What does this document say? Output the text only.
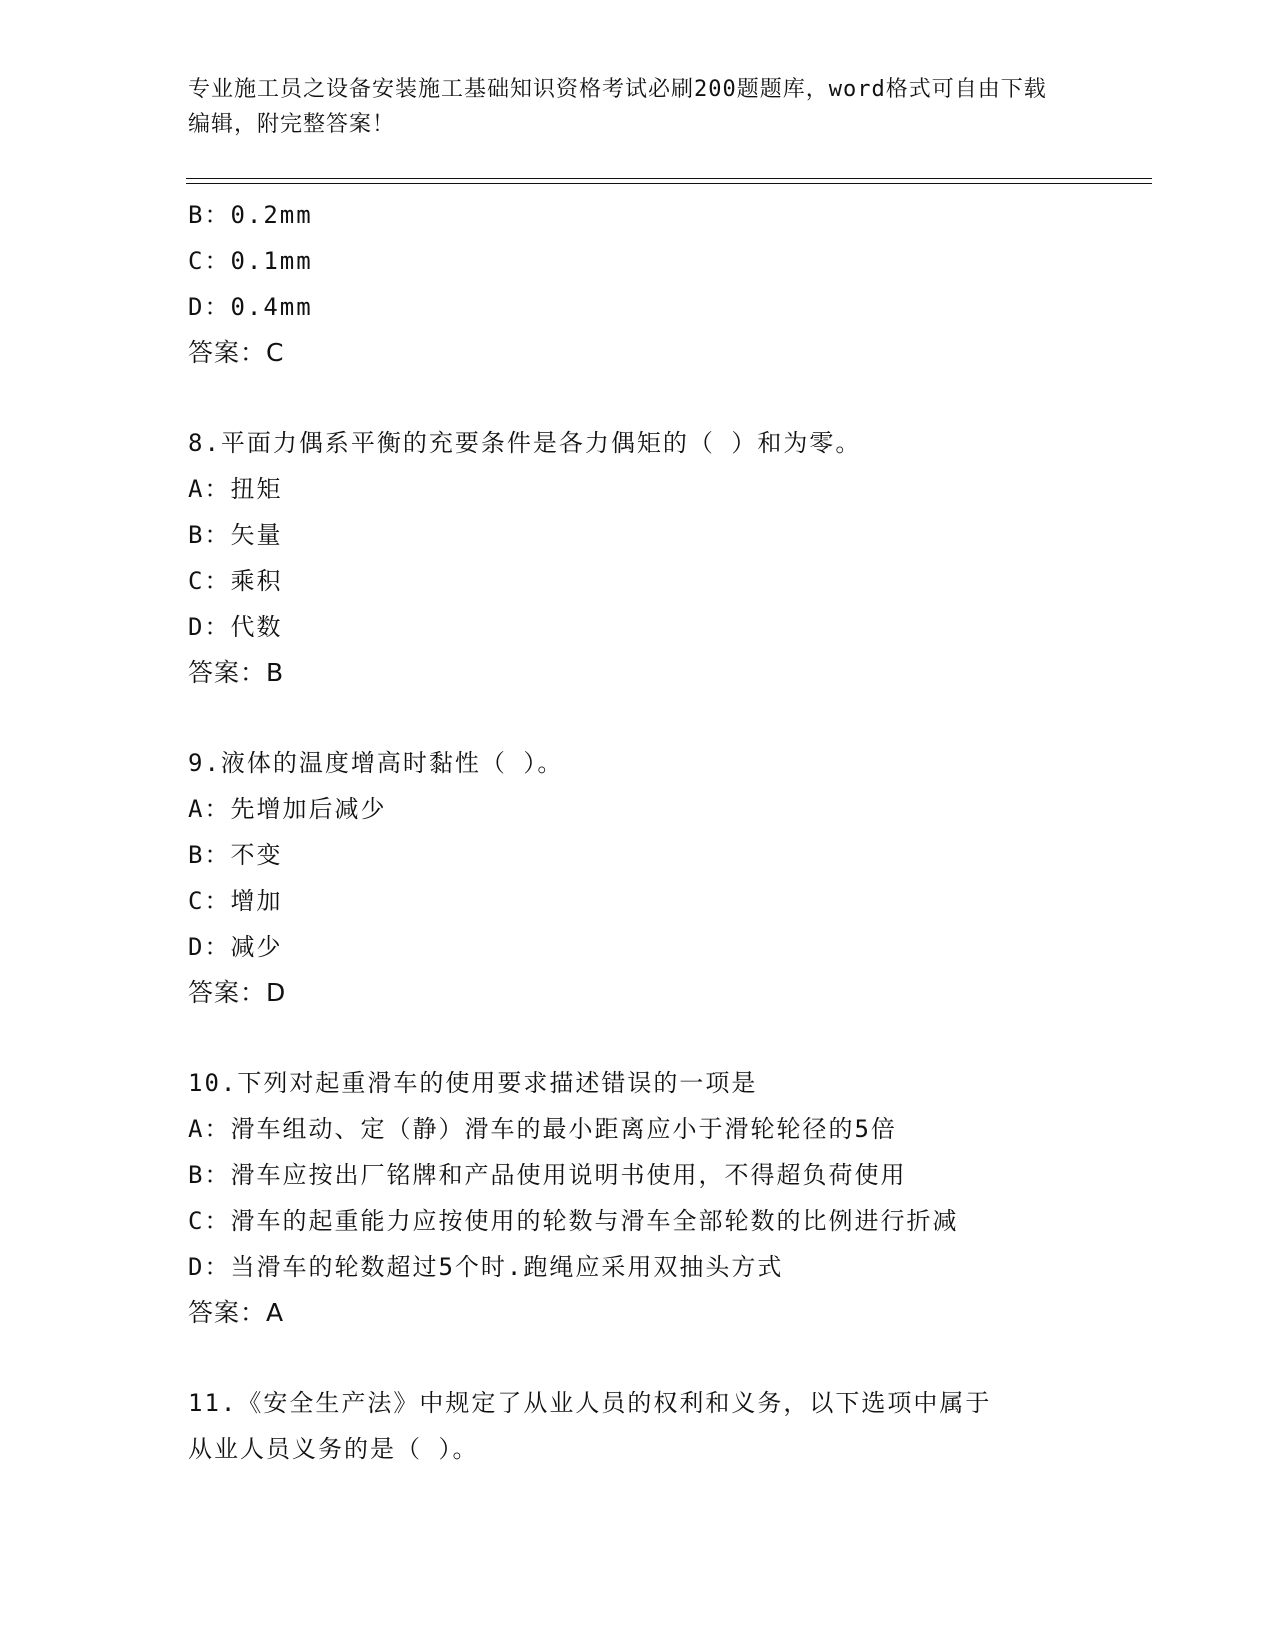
专业施工员之设备安装施工基础知识资格考试必刷200题题库，word格式可自由下载编辑，附完整答案！
B：0.2mm
C：0.1mm
D：0.4mm
答案：C
8.平面力偶系平衡的充要条件是各力偶矩的（ ）和为零。
A：扭矩
B：矢量
C：乘积
D：代数
答案：B
9.液体的温度增高时黏性（ ）。
A：先增加后减少
B：不变
C：增加
D：减少
答案：D
10.下列对起重滑车的使用要求描述错误的一项是
A：滑车组动、定（静）滑车的最小距离应小于滑轮轮径的5倍
B：滑车应按出厂铭牌和产品使用说明书使用，不得超负荷使用
C：滑车的起重能力应按使用的轮数与滑车全部轮数的比例进行折减
D：当滑车的轮数超过5个时.跑绳应采用双抽头方式
答案：A
11.《安全生产法》中规定了从业人员的权利和义务，以下选项中属于
从业人员义务的是（ ）。
